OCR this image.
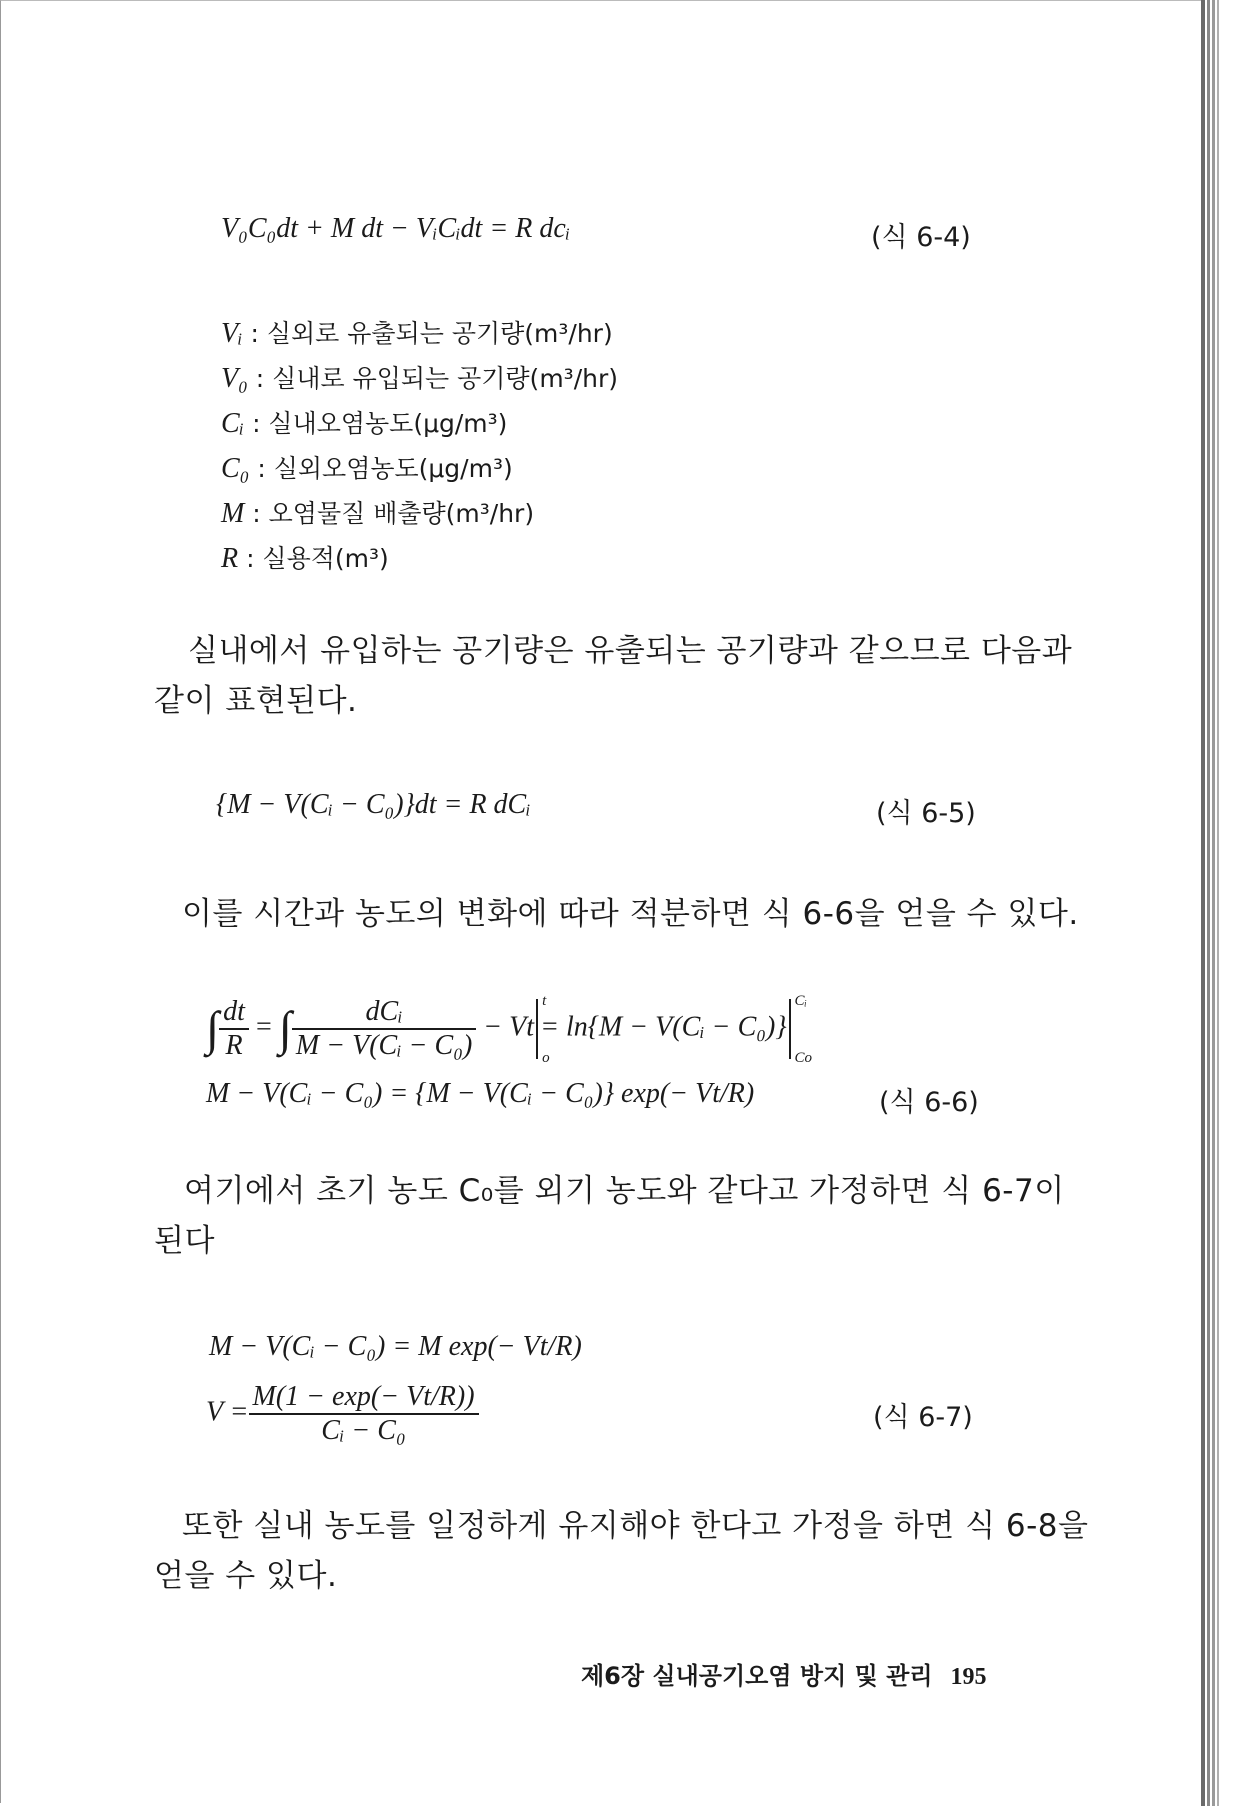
V₀C₀dt + M dt − VᵢCᵢdt = R dcᵢ	(식 6-4)
Vᵢ : 실외로 유출되는 공기량(m³/hr)
V₀ : 실내로 유입되는 공기량(m³/hr)
Cᵢ : 실내오염농도(μg/m³)
C₀ : 실외오염농도(μg/m³)
M : 오염물질 배출량(m³/hr)
R : 실용적(m³)
실내에서 유입하는 공기량은 유출되는 공기량과 같으므로 다음과
같이 표현된다.
{M − V(Cᵢ − C₀)}dt = R dCᵢ	(식 6-5)
이를 시간과 농도의 변화에 따라 적분하면 식 6-6을 얻을 수 있다.
∫ $\frac{dt}{R}$ = ∫ $\frac{\text{dCᵢ}}{\text{M − V(Cᵢ − C₀)}} - Vt$
t
o
= ln{M − V(Cᵢ − C₀)}
Cᵢ
Co
M − V(Cᵢ − C₀) = {M − V(Cᵢ − C₀)} exp(− Vt/R)	(식 6-6)
여기에서 초기 농도 C₀를 외기 농도와 같다고 가정하면 식 6-7이
된다
M − V(Cᵢ − C₀) = M exp(− Vt/R)
$V = \frac{M(1 - \exp(- Vt/R))}{\text{Cᵢ − C₀}}$	(식 6-7)
또한 실내 농도를 일정하게 유지해야 한다고 가정을 하면 식 6-8을
얻을 수 있다.
제6장 실내공기오염 방지 및 관리 195
